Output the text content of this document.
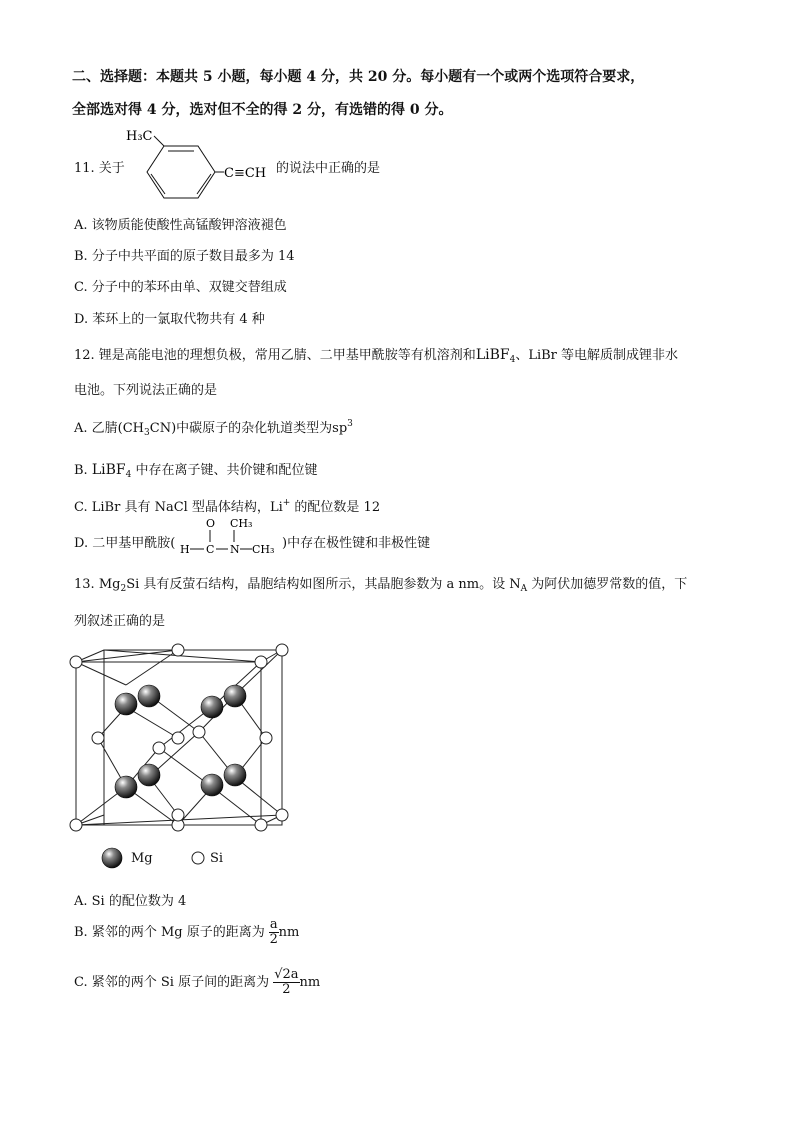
二、选择题：本题共 5 小题，每小题 4 分，共 20 分。每小题有一个或两个选项符合要求，
全部选对得 4 分，选对但不全的得 2 分，有选错的得 0 分。
11. 关于
H₃C
C≡CH 的说法中正确的是
A. 该物质能使酸性高锰酸钾溶液褪色
B. 分子中共平面的原子数目最多为 14
C. 分子中的苯环由单、双键交替组成
D. 苯环上的一氯取代物共有 4 种
12. 锂是高能电池的理想负极，常用乙腈、二甲基甲酰胺等有机溶剂和LiBF$_4$、LiBr 等电解质制成锂非水
电池。下列说法正确的是
A. 乙腈$(CH_3CN)$中碳原子的杂化轨道类型为$sp^3$
B. LiBF$_4$ 中存在离子键、共价键和配位键
C. LiBr 具有 NaCl 型晶体结构，Li+ 的配位数是 12
D. 二甲基甲酰胺(
O CH₃
H C N CH₃ )中存在极性键和非极性键
13. $Mg_2Si$ 具有反萤石结构，晶胞结构如图所示，其晶胞参数为 a nm。设 $N_A$ 为阿伏加德罗常数的值，下
列叙述正确的是
Mg	Si
A. Si 的配位数为 4
B. 紧邻的两个 Mg 原子的距离为 $\frac{a}{2}$ nm
C. 紧邻的两个 Si 原子间的距离为 $\frac{√2a}{2}$ nm
